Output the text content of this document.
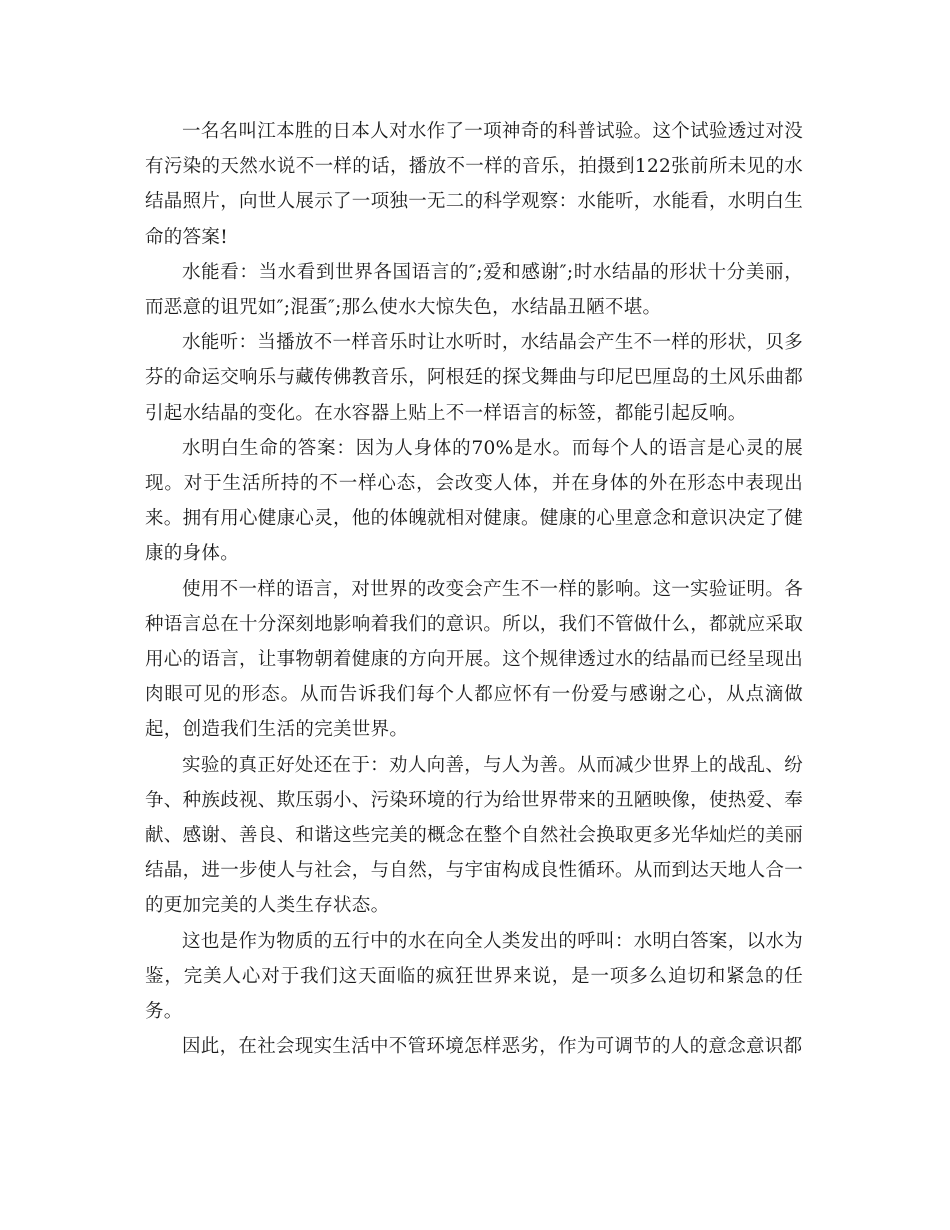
一名名叫江本胜的日本人对水作了一项神奇的科普试验。这个试验透过对没有污染的天然水说不一样的话，播放不一样的音乐，拍摄到122张前所未见的水结晶照片，向世人展示了一项独一无二的科学观察：水能听，水能看，水明白生命的答案!

水能看：当水看到世界各国语言的″;爱和感谢″;时水结晶的形状十分美丽，而恶意的诅咒如″;混蛋″;那么使水大惊失色，水结晶丑陋不堪。

水能听：当播放不一样音乐时让水听时，水结晶会产生不一样的形状，贝多芬的命运交响乐与藏传佛教音乐，阿根廷的探戈舞曲与印尼巴厘岛的土风乐曲都引起水结晶的变化。在水容器上贴上不一样语言的标签，都能引起反响。

水明白生命的答案：因为人身体的70%是水。而每个人的语言是心灵的展现。对于生活所持的不一样心态，会改变人体，并在身体的外在形态中表现出来。拥有用心健康心灵，他的体魄就相对健康。健康的心里意念和意识决定了健康的身体。

使用不一样的语言，对世界的改变会产生不一样的影响。这一实验证明。各种语言总在十分深刻地影响着我们的意识。所以，我们不管做什么，都就应采取用心的语言，让事物朝着健康的方向开展。这个规律透过水的结晶而已经呈现出肉眼可见的形态。从而告诉我们每个人都应怀有一份爱与感谢之心，从点滴做起，创造我们生活的完美世界。

实验的真正好处还在于：劝人向善，与人为善。从而减少世界上的战乱、纷争、种族歧视、欺压弱小、污染环境的行为给世界带来的丑陋映像，使热爱、奉献、感谢、善良、和谐这些完美的概念在整个自然社会换取更多光华灿烂的美丽结晶，进一步使人与社会，与自然，与宇宙构成良性循环。从而到达天地人合一的更加完美的人类生存状态。

这也是作为物质的五行中的水在向全人类发出的呼叫：水明白答案，以水为鉴，完美人心对于我们这天面临的疯狂世界来说，是一项多么迫切和紧急的任务。

因此，在社会现实生活中不管环境怎样恶劣，作为可调节的人的意念意识都
